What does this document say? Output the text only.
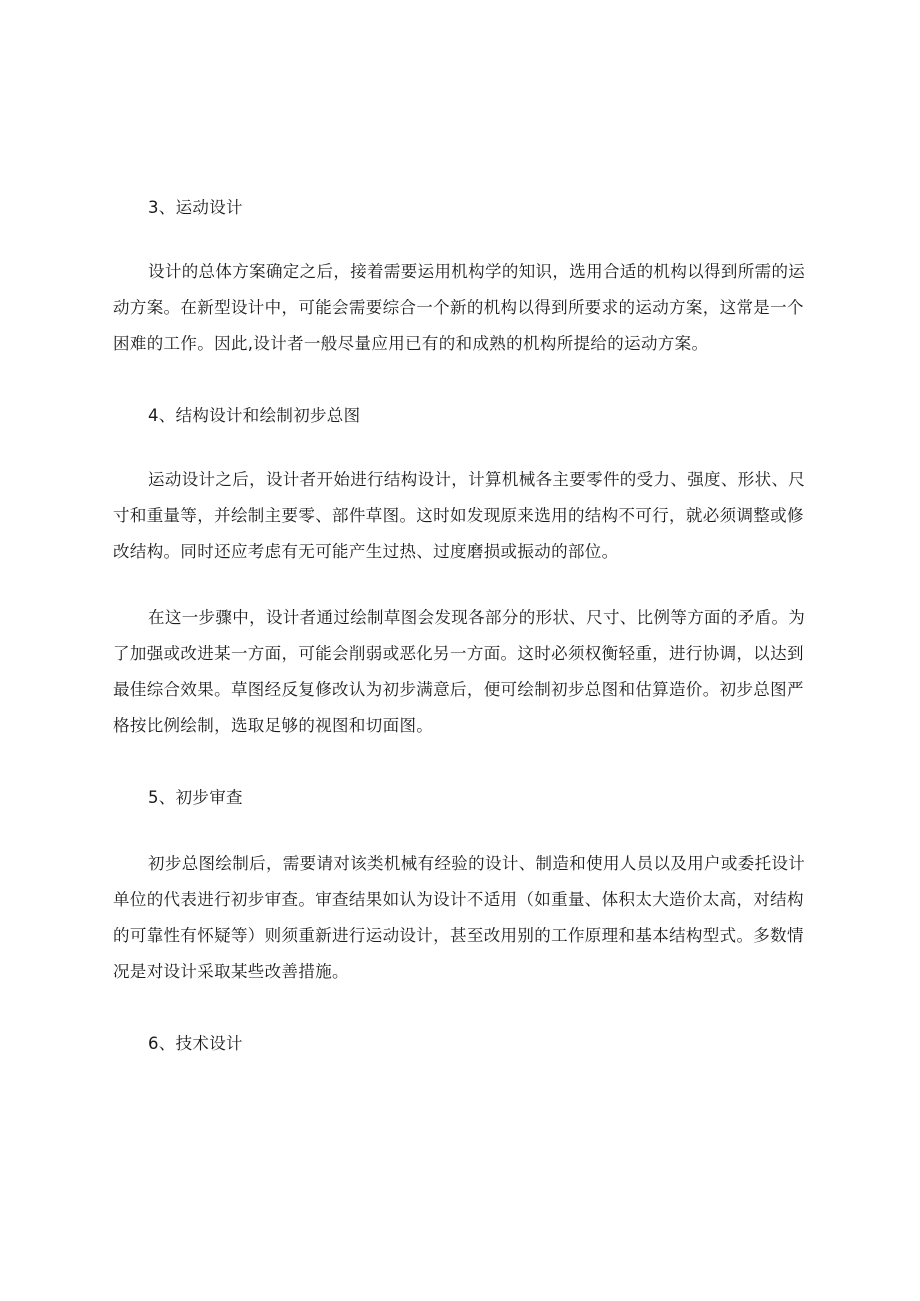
3、运动设计
设计的总体方案确定之后，接着需要运用机构学的知识，选用合适的机构以得到所需的运
动方案。在新型设计中，可能会需要综合一个新的机构以得到所要求的运动方案，这常是一个
困难的工作。因此,设计者一般尽量应用已有的和成熟的机构所提给的运动方案。
4、结构设计和绘制初步总图
运动设计之后，设计者开始进行结构设计，计算机械各主要零件的受力、强度、形状、尺
寸和重量等，并绘制主要零、部件草图。这时如发现原来选用的结构不可行，就必须调整或修
改结构。同时还应考虑有无可能产生过热、过度磨损或振动的部位。
在这一步骤中，设计者通过绘制草图会发现各部分的形状、尺寸、比例等方面的矛盾。为
了加强或改进某一方面，可能会削弱或恶化另一方面。这时必须权衡轻重，进行协调，以达到
最佳综合效果。草图经反复修改认为初步满意后，便可绘制初步总图和估算造价。初步总图严
格按比例绘制，选取足够的视图和切面图。
5、初步审查
初步总图绘制后，需要请对该类机械有经验的设计、制造和使用人员以及用户或委托设计
单位的代表进行初步审查。审查结果如认为设计不适用（如重量、体积太大造价太高，对结构
的可靠性有怀疑等）则须重新进行运动设计，甚至改用别的工作原理和基本结构型式。多数情
况是对设计采取某些改善措施。
6、技术设计
